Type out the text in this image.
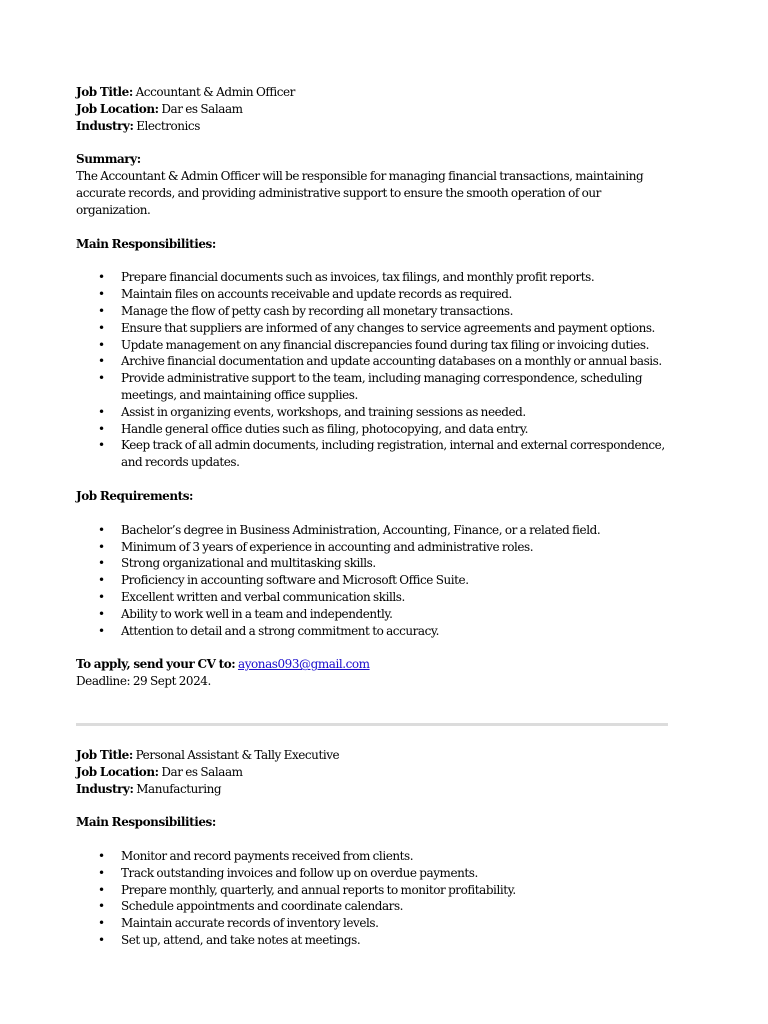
Job Title: Accountant & Admin Officer
Job Location: Dar es Salaam
Industry: Electronics
Summary:
The Accountant & Admin Officer will be responsible for managing financial transactions, maintaining accurate records, and providing administrative support to ensure the smooth operation of our organization.
Main Responsibilities:
• Prepare financial documents such as invoices, tax filings, and monthly profit reports.
• Maintain files on accounts receivable and update records as required.
• Manage the flow of petty cash by recording all monetary transactions.
• Ensure that suppliers are informed of any changes to service agreements and payment options.
• Update management on any financial discrepancies found during tax filing or invoicing duties.
• Archive financial documentation and update accounting databases on a monthly or annual basis.
• Provide administrative support to the team, including managing correspondence, scheduling meetings, and maintaining office supplies.
• Assist in organizing events, workshops, and training sessions as needed.
• Handle general office duties such as filing, photocopying, and data entry.
• Keep track of all admin documents, including registration, internal and external correspondence, and records updates.
Job Requirements:
• Bachelor’s degree in Business Administration, Accounting, Finance, or a related field.
• Minimum of 3 years of experience in accounting and administrative roles.
• Strong organizational and multitasking skills.
• Proficiency in accounting software and Microsoft Office Suite.
• Excellent written and verbal communication skills.
• Ability to work well in a team and independently.
• Attention to detail and a strong commitment to accuracy.
To apply, send your CV to: ayonas093@gmail.com
Deadline: 29 Sept 2024.
Job Title: Personal Assistant & Tally Executive
Job Location: Dar es Salaam
Industry: Manufacturing
Main Responsibilities:
• Monitor and record payments received from clients.
• Track outstanding invoices and follow up on overdue payments.
• Prepare monthly, quarterly, and annual reports to monitor profitability.
• Schedule appointments and coordinate calendars.
• Maintain accurate records of inventory levels.
• Set up, attend, and take notes at meetings.
